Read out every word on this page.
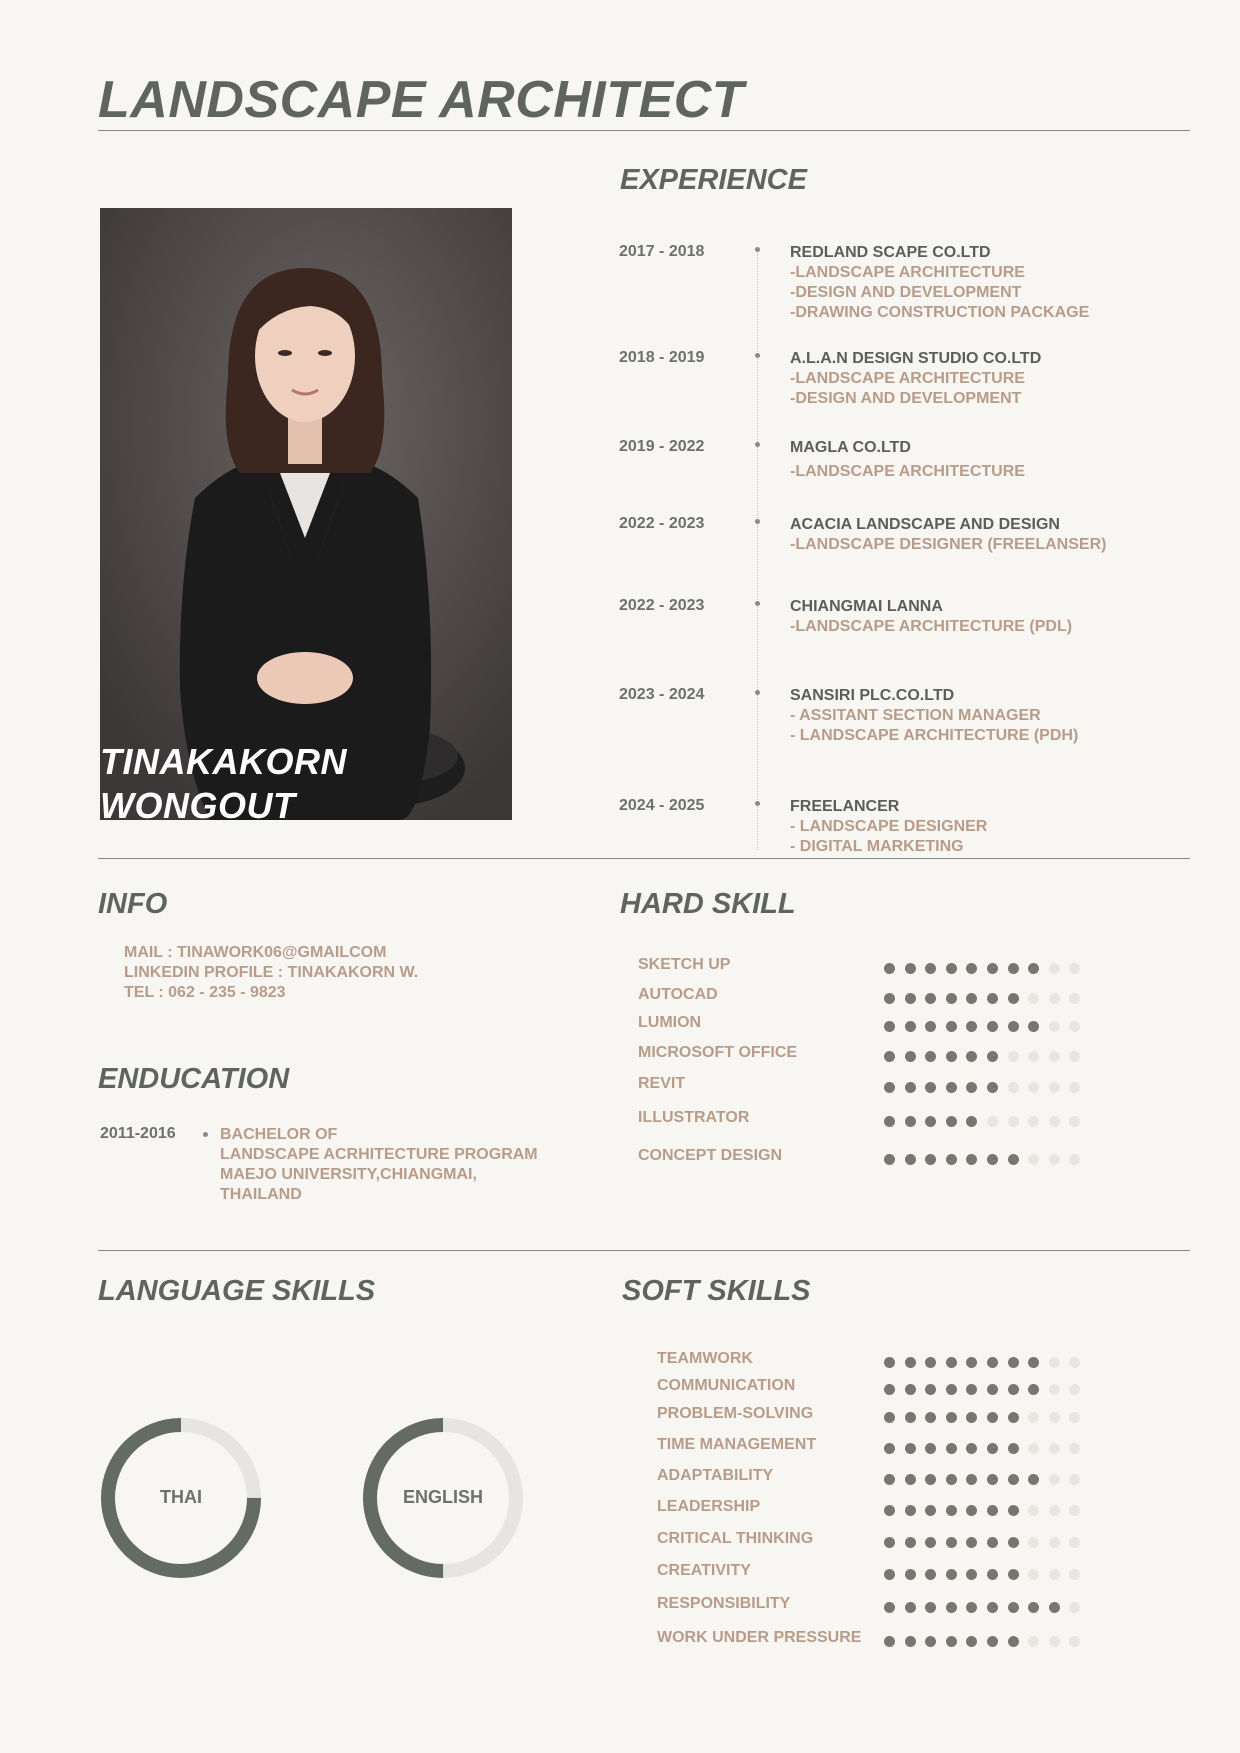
LANDSCAPE ARCHITECT
TINAKAKORN
WONGOUT
EXPERIENCE
2017 - 2018	REDLAND SCAPE CO.LTD
-LANDSCAPE ARCHITECTURE
-DESIGN AND DEVELOPMENT
-DRAWING CONSTRUCTION PACKAGE
2018 - 2019	A.L.A.N DESIGN STUDIO CO.LTD
-LANDSCAPE ARCHITECTURE
-DESIGN AND DEVELOPMENT
2019 - 2022	MAGLA CO.LTD
-LANDSCAPE ARCHITECTURE
2022 - 2023	ACACIA LANDSCAPE AND DESIGN
-LANDSCAPE DESIGNER (FREELANSER)
2022 - 2023	CHIANGMAI LANNA
-LANDSCAPE ARCHITECTURE (PDL)
2023 - 2024	SANSIRI PLC.CO.LTD
- ASSITANT SECTION MANAGER
- LANDSCAPE ARCHITECTURE (PDH)
2024 - 2025	FREELANCER
- LANDSCAPE DESIGNER
- DIGITAL MARKETING
INFO
MAIL : TINAWORK06@GMAILCOM
LINKEDIN PROFILE : TINAKAKORN W.
TEL : 062 - 235 - 9823
ENDUCATION
2011-2016	BACHELOR OF
LANDSCAPE ACRHITECTURE PROGRAM
MAEJO UNIVERSITY,CHIANGMAI,
THAILAND
HARD SKILL
SKETCH UP
AUTOCAD
LUMION
MICROSOFT OFFICE
REVIT
ILLUSTRATOR
CONCEPT DESIGN
LANGUAGE SKILLS
THAI	ENGLISH
SOFT SKILLS
TEAMWORK
COMMUNICATION
PROBLEM-SOLVING
TIME MANAGEMENT
ADAPTABILITY
LEADERSHIP
CRITICAL THINKING
CREATIVITY
RESPONSIBILITY
WORK UNDER PRESSURE
